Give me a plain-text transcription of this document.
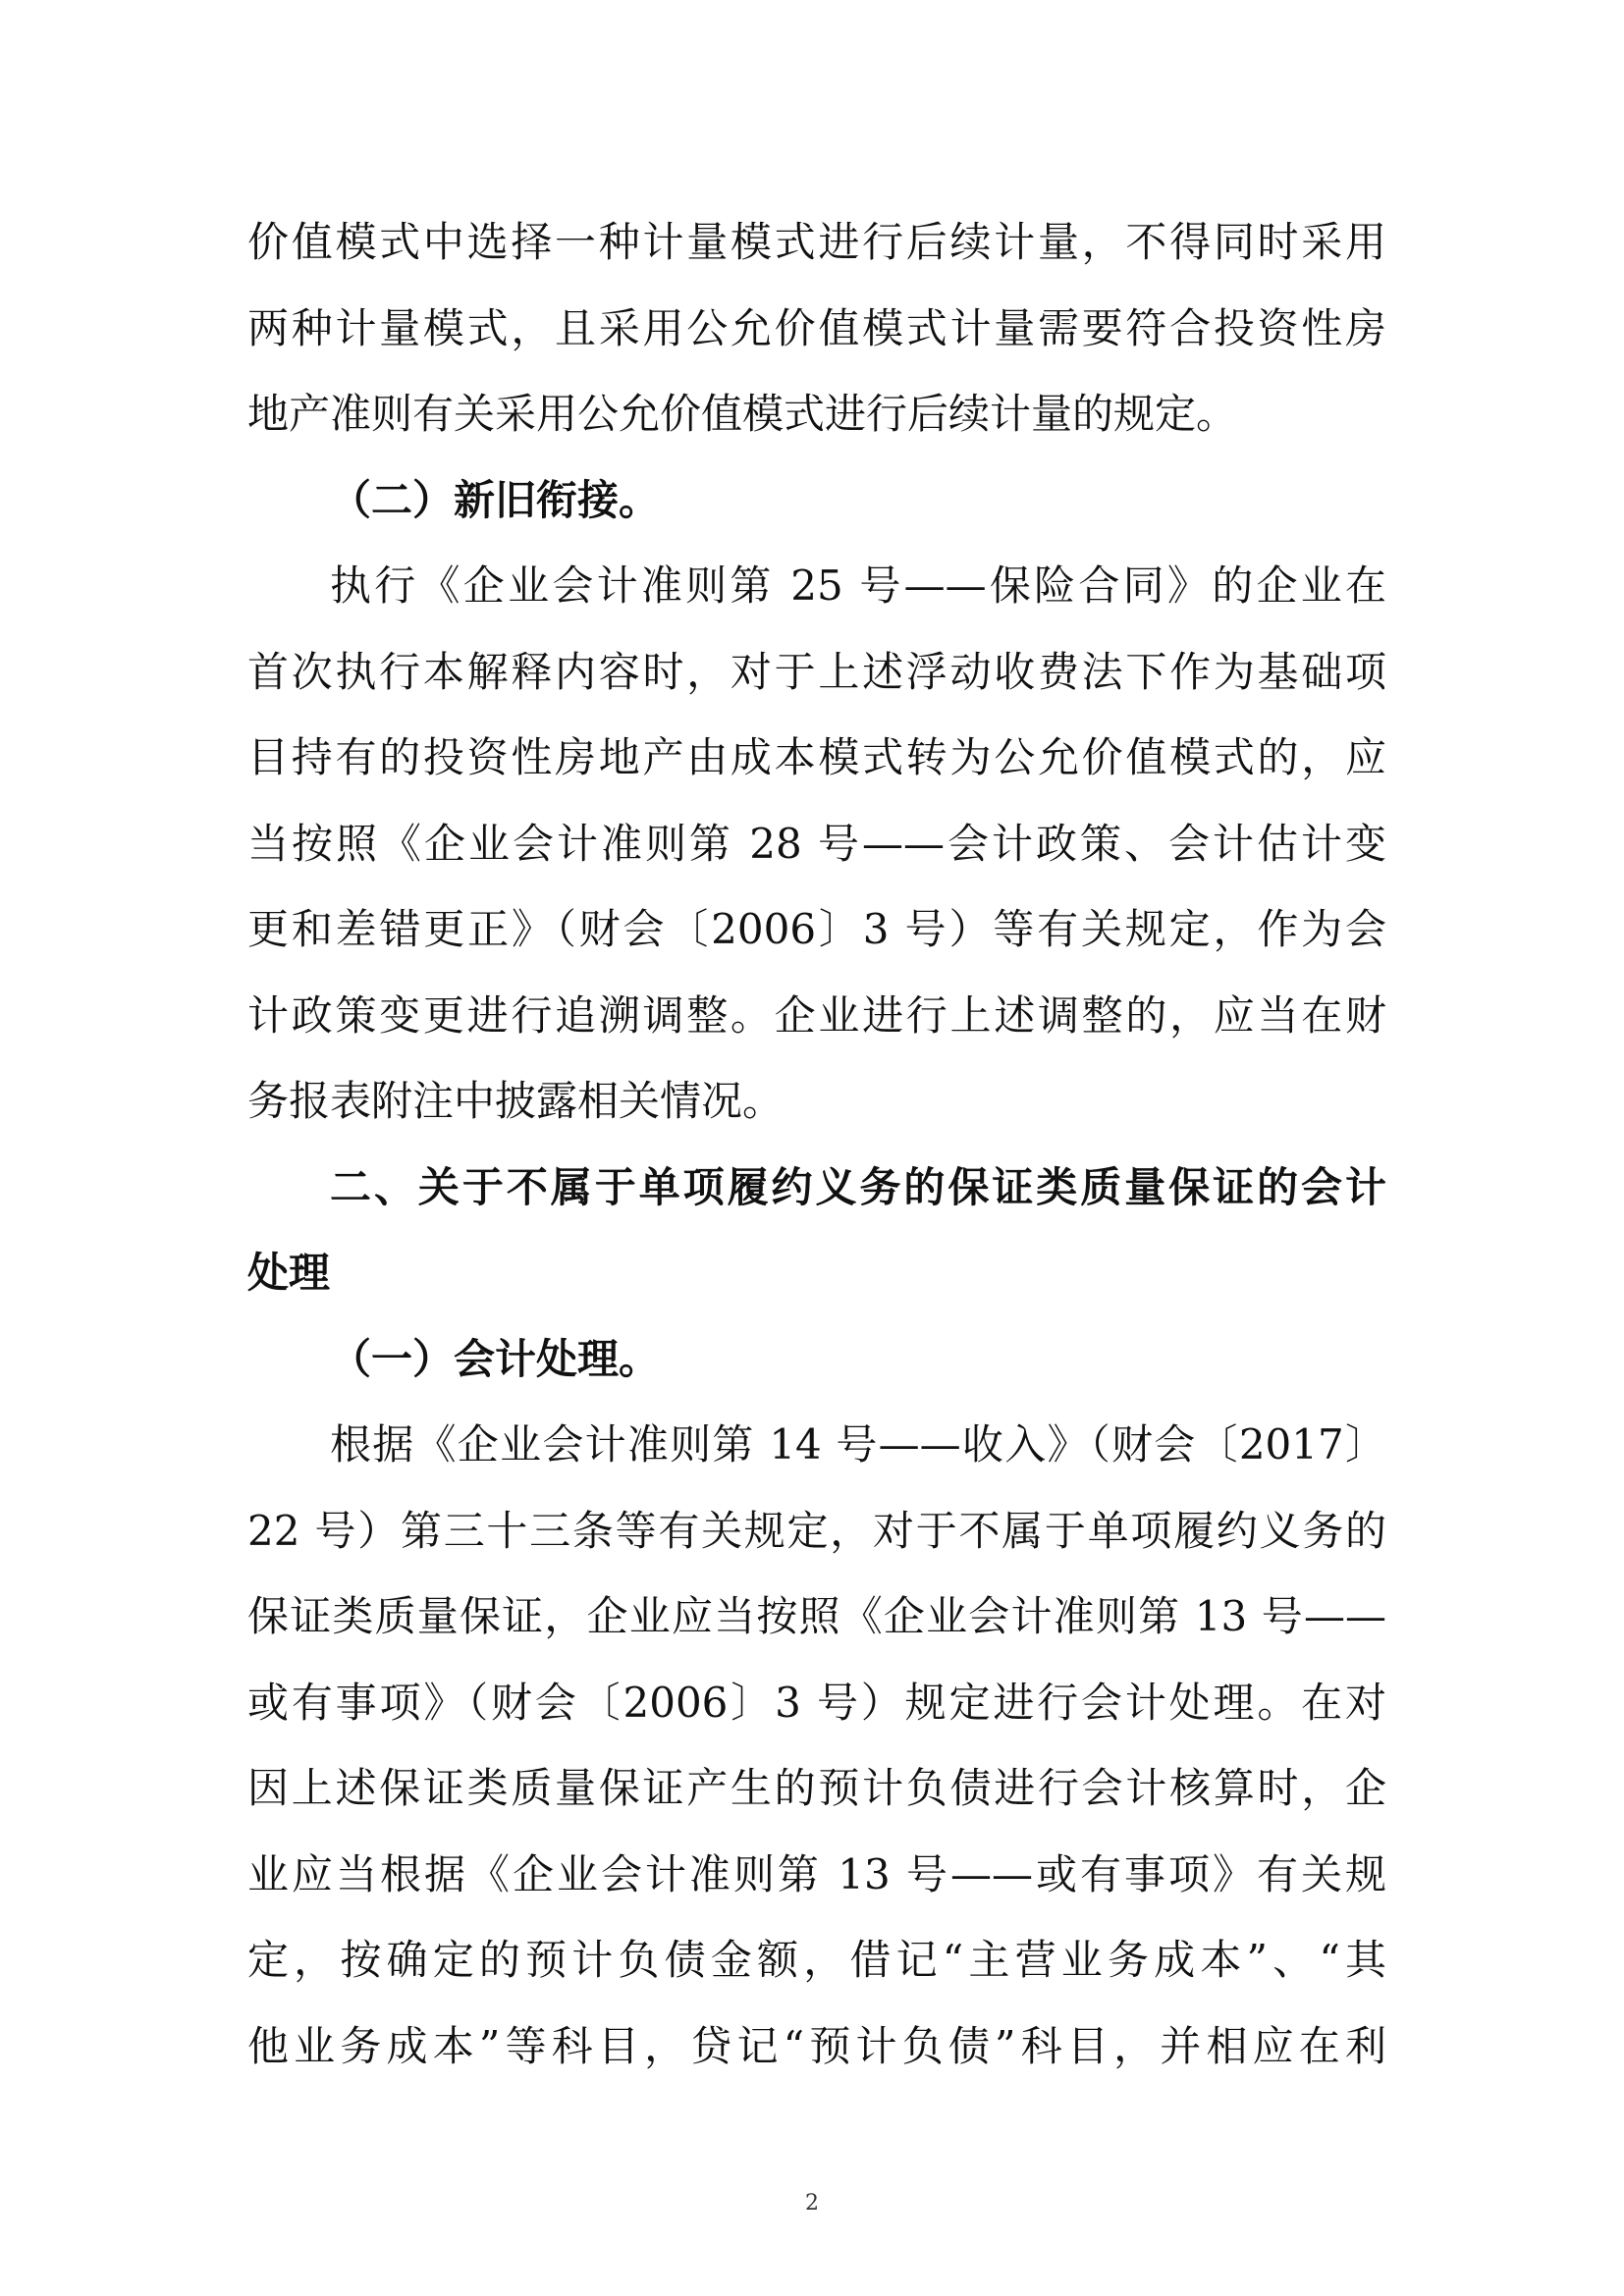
价值模式中选择一种计量模式进行后续计量，不得同时采用
两种计量模式，且采用公允价值模式计量需要符合投资性房
地产准则有关采用公允价值模式进行后续计量的规定。
（二）新旧衔接。
执行《企业会计准则第 25 号——保险合同》的企业在
首次执行本解释内容时，对于上述浮动收费法下作为基础项
目持有的投资性房地产由成本模式转为公允价值模式的，应
当按照《企业会计准则第 28 号——会计政策、会计估计变
更和差错更正》（财会〔2006〕3 号）等有关规定，作为会
计政策变更进行追溯调整。企业进行上述调整的，应当在财
务报表附注中披露相关情况。
二、关于不属于单项履约义务的保证类质量保证的会计
处理
（一）会计处理。
根据《企业会计准则第 14 号——收入》（财会〔2017〕
22 号）第三十三条等有关规定，对于不属于单项履约义务的
保证类质量保证，企业应当按照《企业会计准则第 13 号——
或有事项》（财会〔2006〕3 号）规定进行会计处理。在对
因上述保证类质量保证产生的预计负债进行会计核算时，企
业应当根据《企业会计准则第 13 号——或有事项》有关规
定，按确定的预计负债金额，借记“主营业务成本”、“其
他业务成本”等科目，贷记“预计负债”科目，并相应在利
2
